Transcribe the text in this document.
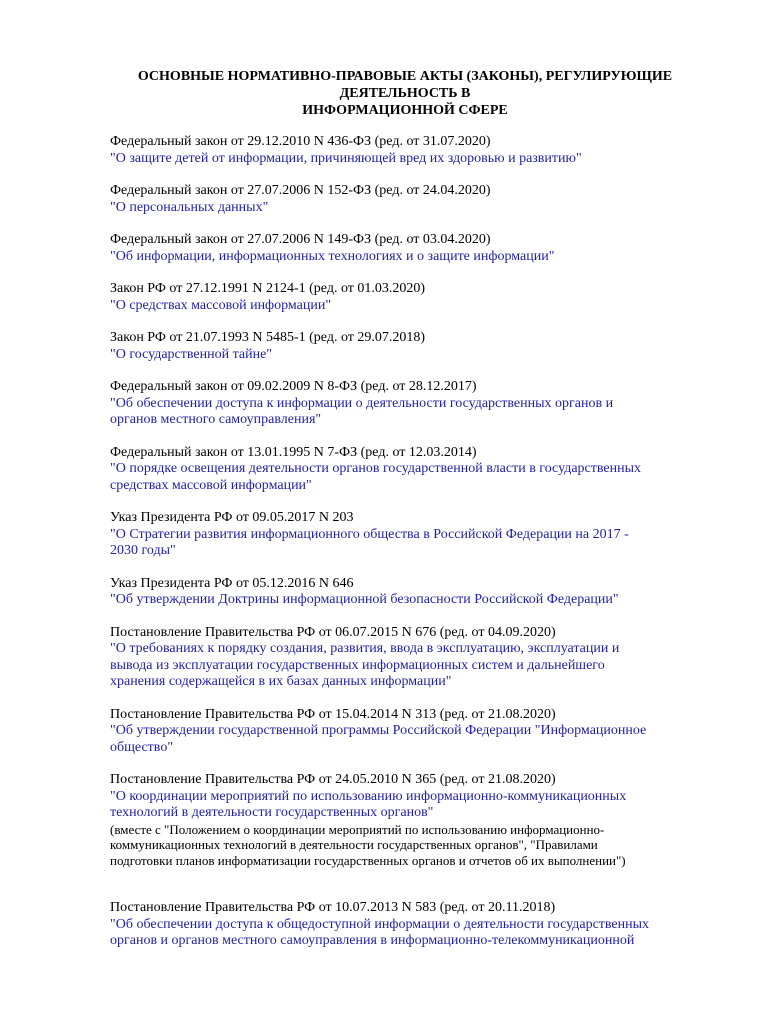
ОСНОВНЫЕ НОРМАТИВНО-ПРАВОВЫЕ АКТЫ (ЗАКОНЫ), РЕГУЛИРУЮЩИЕ
ДЕЯТЕЛЬНОСТЬ В
ИНФОРМАЦИОННОЙ СФЕРЕ
Федеральный закон от 29.12.2010 N 436-ФЗ (ред. от 31.07.2020)
"О защите детей от информации, причиняющей вред их здоровью и развитию"
Федеральный закон от 27.07.2006 N 152-ФЗ (ред. от 24.04.2020)
"О персональных данных"
Федеральный закон от 27.07.2006 N 149-ФЗ (ред. от 03.04.2020)
"Об информации, информационных технологиях и о защите информации"
Закон РФ от 27.12.1991 N 2124-1 (ред. от 01.03.2020)
"О средствах массовой информации"
Закон РФ от 21.07.1993 N 5485-1 (ред. от 29.07.2018)
"О государственной тайне"
Федеральный закон от 09.02.2009 N 8-ФЗ (ред. от 28.12.2017)
"Об обеспечении доступа к информации о деятельности государственных органов и
органов местного самоуправления"
Федеральный закон от 13.01.1995 N 7-ФЗ (ред. от 12.03.2014)
"О порядке освещения деятельности органов государственной власти в государственных
средствах массовой информации"
Указ Президента РФ от 09.05.2017 N 203
"О Стратегии развития информационного общества в Российской Федерации на 2017 -
2030 годы"
Указ Президента РФ от 05.12.2016 N 646
"Об утверждении Доктрины информационной безопасности Российской Федерации"
Постановление Правительства РФ от 06.07.2015 N 676 (ред. от 04.09.2020)
"О требованиях к порядку создания, развития, ввода в эксплуатацию, эксплуатации и
вывода из эксплуатации государственных информационных систем и дальнейшего
хранения содержащейся в их базах данных информации"
Постановление Правительства РФ от 15.04.2014 N 313 (ред. от 21.08.2020)
"Об утверждении государственной программы Российской Федерации "Информационное
общество"
Постановление Правительства РФ от 24.05.2010 N 365 (ред. от 21.08.2020)
"О координации мероприятий по использованию информационно-коммуникационных
технологий в деятельности государственных органов"
(вместе с "Положением о координации мероприятий по использованию информационно-
коммуникационных технологий в деятельности государственных органов", "Правилами
подготовки планов информатизации государственных органов и отчетов об их выполнении")
Постановление Правительства РФ от 10.07.2013 N 583 (ред. от 20.11.2018)
"Об обеспечении доступа к общедоступной информации о деятельности государственных
органов и органов местного самоуправления в информационно-телекоммуникационной
